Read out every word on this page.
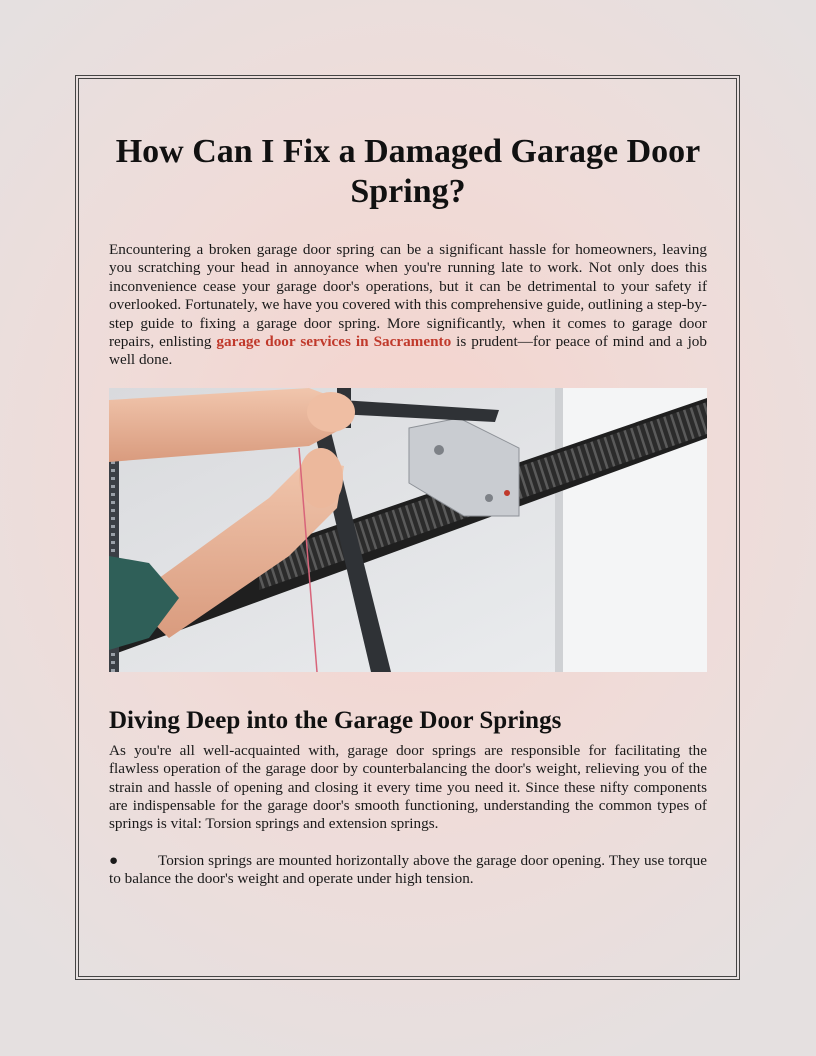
How Can I Fix a Damaged Garage Door Spring?

Encountering a broken garage door spring can be a significant hassle for homeowners, leaving you scratching your head in annoyance when you're running late to work. Not only does this inconvenience cease your garage door's operations, but it can be detrimental to your safety if overlooked. Fortunately, we have you covered with this comprehensive guide, outlining a step-by-step guide to fixing a garage door spring. More significantly, when it comes to garage door repairs, enlisting garage door services in Sacramento is prudent—for peace of mind and a job well done.

Diving Deep into the Garage Door Springs

As you're all well-acquainted with, garage door springs are responsible for facilitating the flawless operation of the garage door by counterbalancing the door's weight, relieving you of the strain and hassle of opening and closing it every time you need it. Since these nifty components are indispensable for the garage door's smooth functioning, understanding the common types of springs is vital: Torsion springs and extension springs.

●	Torsion springs are mounted horizontally above the garage door opening. They use torque to balance the door's weight and operate under high tension.
